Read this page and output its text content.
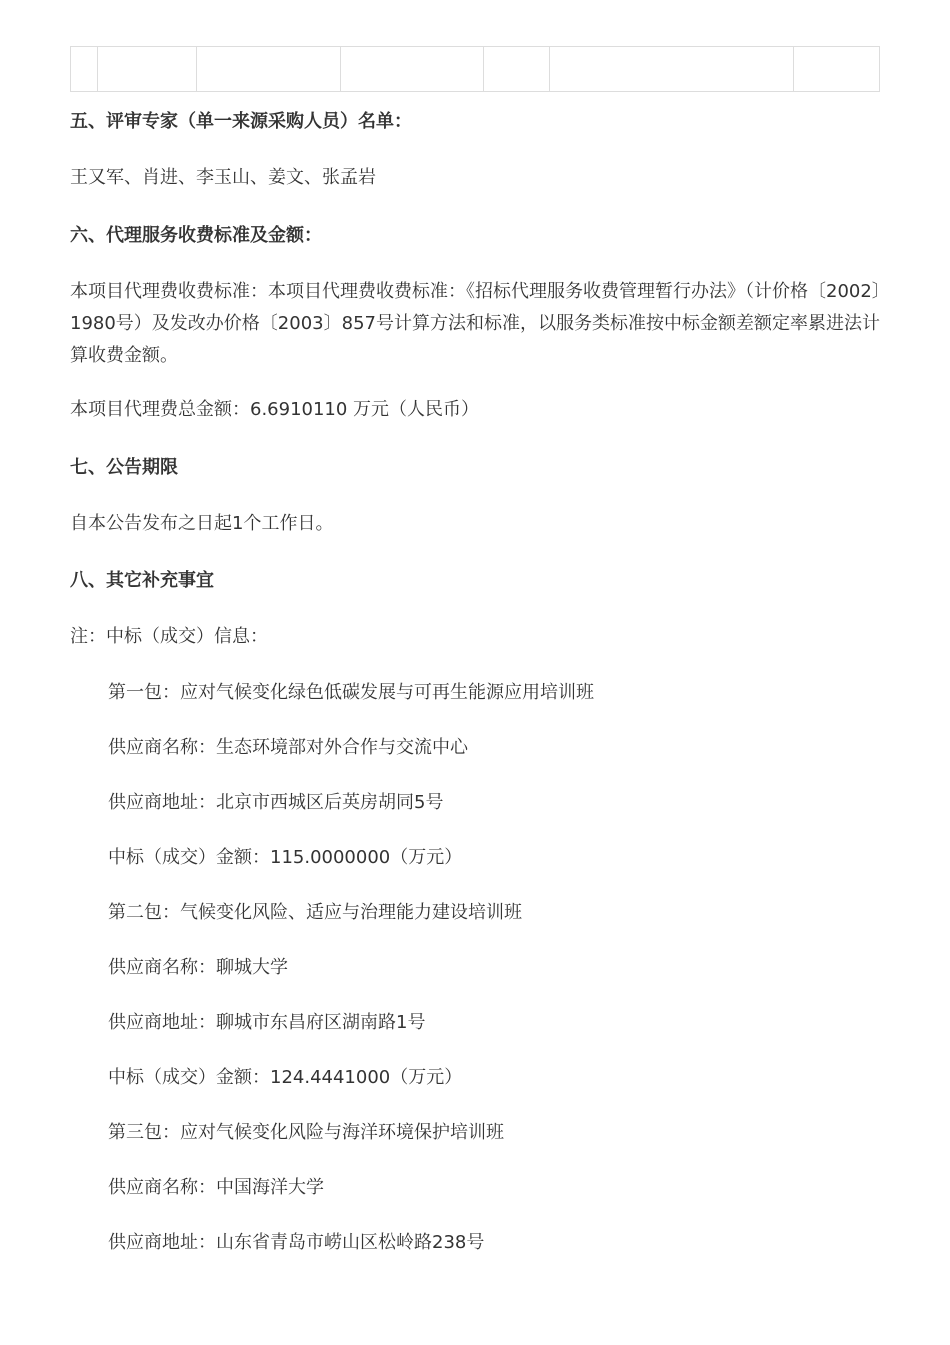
五、评审专家（单一来源采购人员）名单：

王又军、肖进、李玉山、姜文、张孟岩

六、代理服务收费标准及金额：

本项目代理费收费标准：本项目代理费收费标准：《招标代理服务收费管理暂行办法》（计价格〔2002〕1980号）及发改办价格〔2003〕857号计算方法和标准，以服务类标准按中标金额差额定率累进法计算收费金额。

本项目代理费总金额：6.6910110 万元（人民币）

七、公告期限

自本公告发布之日起1个工作日。

八、其它补充事宜

注：中标（成交）信息：

第一包：应对气候变化绿色低碳发展与可再生能源应用培训班

供应商名称：生态环境部对外合作与交流中心

供应商地址：北京市西城区后英房胡同5号

中标（成交）金额：115.0000000（万元）

第二包：气候变化风险、适应与治理能力建设培训班

供应商名称：聊城大学

供应商地址：聊城市东昌府区湖南路1号

中标（成交）金额：124.4441000（万元）

第三包：应对气候变化风险与海洋环境保护培训班

供应商名称：中国海洋大学

供应商地址：山东省青岛市崂山区松岭路238号
